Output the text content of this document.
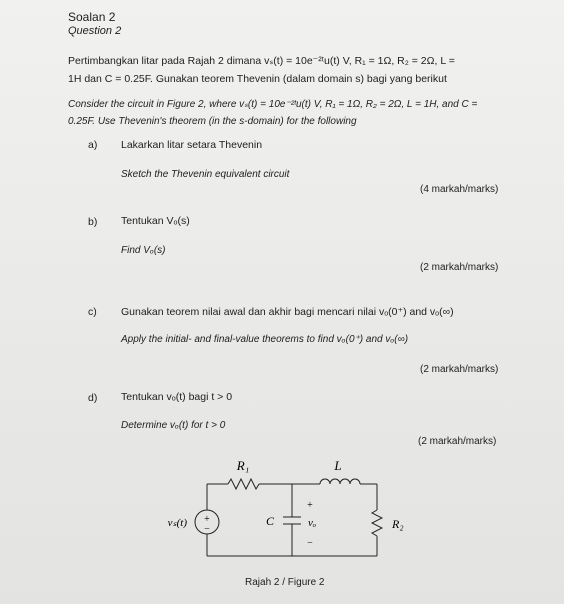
Soalan 2
Question 2
Pertimbangkan litar pada Rajah 2 dimana vₛ(t) = 10e⁻²ᵗu(t) V, R₁ = 1Ω, R₂ = 2Ω, L =
1H dan C = 0.25F. Gunakan teorem Thevenin (dalam domain s) bagi yang berikut
Consider the circuit in Figure 2, where vₛ(t) = 10e⁻²ᵗu(t) V, R₁ = 1Ω, R₂ = 2Ω, L = 1H, and C =
0.25F. Use Thevenin's theorem (in the s-domain) for the following
a) Lakarkan litar setara Thevenin
Sketch the Thevenin equivalent circuit
(4 markah/marks)
b) Tentukan Vₒ(s)
Find Vₒ(s)
(2 markah/marks)
c) Gunakan teorem nilai awal dan akhir bagi mencari nilai vₒ(0⁺) and vₒ(∞)
Apply the initial- and final-value theorems to find vₒ(0⁺) and vₒ(∞)
(2 markah/marks)
d) Tentukan vₒ(t) bagi t > 0
Determine vₒ(t) for t > 0
(2 markah/marks)
R₁	L
vₛ(t) +
−
C
+
vₒ
−
R₂
Rajah 2 / Figure 2
